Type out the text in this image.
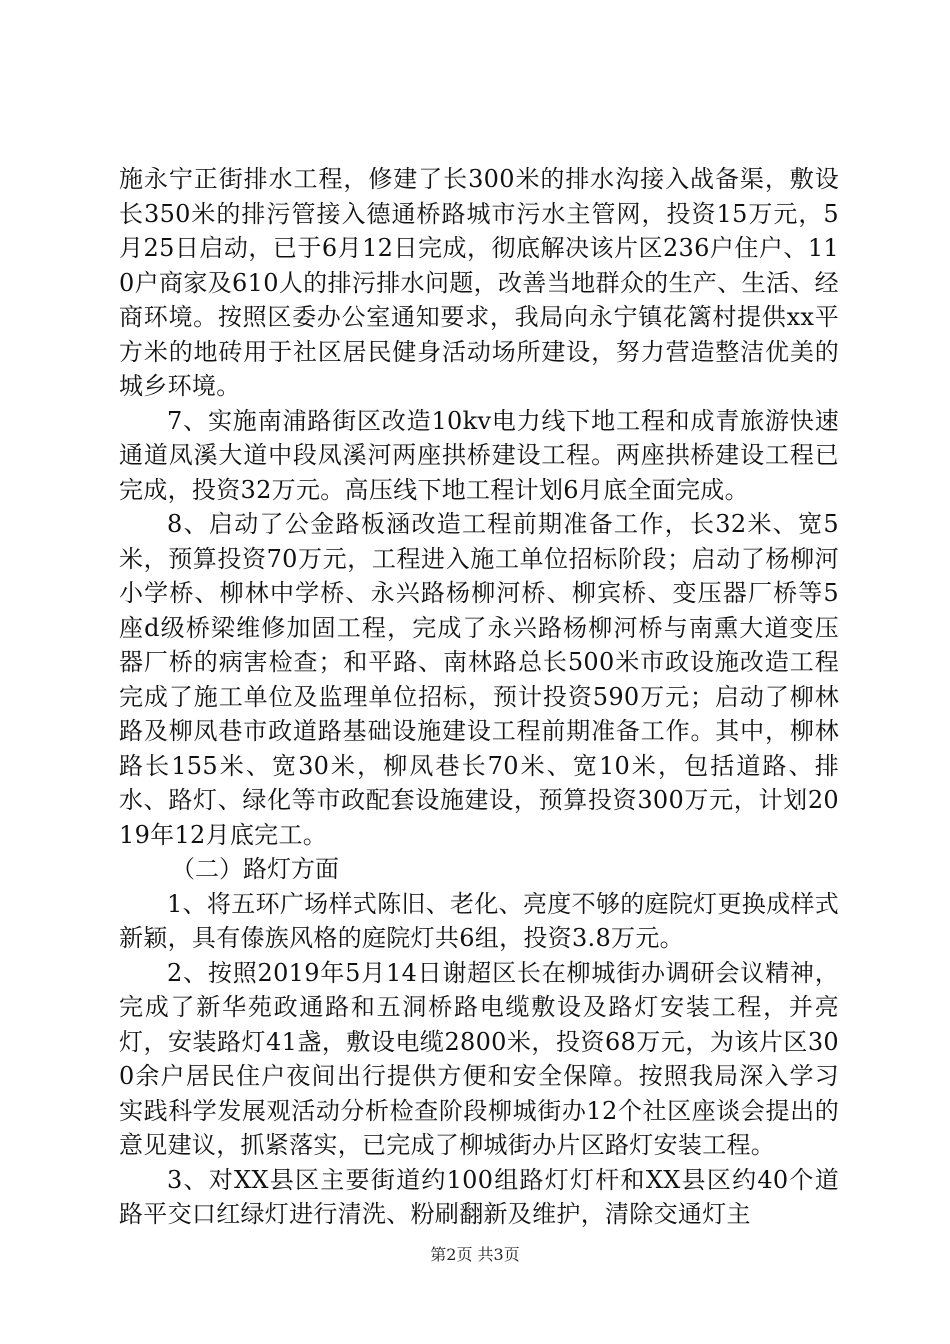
施永宁正街排水工程，修建了长300米的排水沟接入战备渠，敷设长350米的排污管接入德通桥路城市污水主管网，投资15万元，5月25日启动，已于6月12日完成，彻底解决该片区236户住户、110户商家及610人的排污排水问题，改善当地群众的生产、生活、经商环境。按照区委办公室通知要求，我局向永宁镇花篱村提供xx平方米的地砖用于社区居民健身活动场所建设，努力营造整洁优美的城乡环境。

7、实施南浦路街区改造10kv电力线下地工程和成青旅游快速通道凤溪大道中段凤溪河两座拱桥建设工程。两座拱桥建设工程已完成，投资32万元。高压线下地工程计划6月底全面完成。

8、启动了公金路板涵改造工程前期准备工作，长32米、宽5米，预算投资70万元，工程进入施工单位招标阶段；启动了杨柳河小学桥、柳林中学桥、永兴路杨柳河桥、柳宾桥、变压器厂桥等5座d级桥梁维修加固工程，完成了永兴路杨柳河桥与南熏大道变压器厂桥的病害检查；和平路、南林路总长500米市政设施改造工程完成了施工单位及监理单位招标，预计投资590万元；启动了柳林路及柳凤巷市政道路基础设施建设工程前期准备工作。其中，柳林路长155米、宽30米，柳凤巷长70米、宽10米，包括道路、排水、路灯、绿化等市政配套设施建设，预算投资300万元，计划2019年12月底完工。

（二）路灯方面

1、将五环广场样式陈旧、老化、亮度不够的庭院灯更换成样式新颖，具有傣族风格的庭院灯共6组，投资3.8万元。

2、按照2019年5月14日谢超区长在柳城街办调研会议精神，完成了新华苑政通路和五洞桥路电缆敷设及路灯安装工程，并亮灯，安装路灯41盏，敷设电缆2800米，投资68万元，为该片区300余户居民住户夜间出行提供方便和安全保障。按照我局深入学习实践科学发展观活动分析检查阶段柳城街办12个社区座谈会提出的意见建议，抓紧落实，已完成了柳城街办片区路灯安装工程。

3、对XX县区主要街道约100组路灯灯杆和XX县区约40个道路平交口红绿灯进行清洗、粉刷翻新及维护，清除交通灯主

第2页 共3页
